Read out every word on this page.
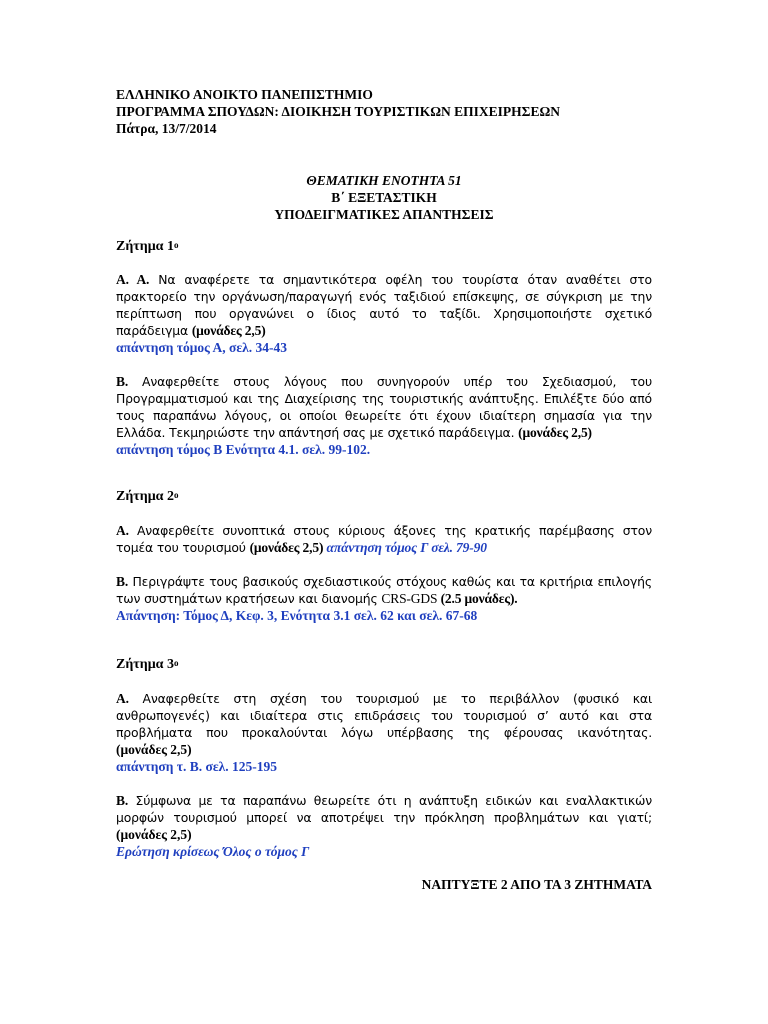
ΕΛΛΗΝΙΚΟ ΑΝΟΙΚΤΟ ΠΑΝΕΠΙΣΤΗΜΙΟ
ΠΡΟΓΡΑΜΜΑ ΣΠΟΥΔΩΝ: ΔΙΟΙΚΗΣΗ ΤΟΥΡΙΣΤΙΚΩΝ ΕΠΙΧΕΙΡΗΣΕΩΝ
Πάτρα, 13/7/2014
ΘΕΜΑΤΙΚΗ ΕΝΟΤΗΤΑ 51
Β΄ ΕΞΕΤΑΣΤΙΚΗ
ΥΠΟΔΕΙΓΜΑΤΙΚΕΣ ΑΠΑΝΤΗΣΕΙΣ
Ζήτημα $1^o$
Α. Α. Να αναφέρετε τα σημαντικότερα οφέλη του τουρίστα όταν αναθέτει στο
πρακτορείο την οργάνωση/παραγωγή ενός ταξιδιού επίσκεψης, σε σύγκριση με την
περίπτωση που οργανώνει ο ίδιος αυτό το ταξίδι. Χρησιμοποιήστε σχετικό
παράδειγμα (μονάδες 2,5)
απάντηση τόμος Α, σελ. 34-43
Β. Αναφερθείτε στους λόγους που συνηγορούν υπέρ του Σχεδιασμού, του
Προγραμματισμού και της Διαχείρισης της τουριστικής ανάπτυξης. Επιλέξτε δύο από
τους παραπάνω λόγους, οι οποίοι θεωρείτε ότι έχουν ιδιαίτερη σημασία για την
Ελλάδα. Τεκμηριώστε την απάντησή σας με σχετικό παράδειγμα. (μονάδες 2,5)
απάντηση τόμος Β Ενότητα 4.1. σελ. 99-102.
Ζήτημα $2^o$
Α. Αναφερθείτε συνοπτικά στους κύριους άξονες της κρατικής παρέμβασης στον
τομέα του τουρισμού (μονάδες 2,5) απάντηση τόμος Γ σελ. 79-90
Β. Περιγράψτε τους βασικούς σχεδιαστικούς στόχους καθώς και τα κριτήρια επιλογής
των συστημάτων κρατήσεων και διανομής CRS-GDS (2.5 μονάδες).
Απάντηση: Τόμος Δ, Κεφ. 3, Ενότητα 3.1 σελ. 62 και σελ. 67-68
Ζήτημα $3^o$
Α. Αναφερθείτε στη σχέση του τουρισμού με το περιβάλλον (φυσικό και
ανθρωπογενές) και ιδιαίτερα στις επιδράσεις του τουρισμού σ’ αυτό και στα
προβλήματα που προκαλούνται λόγω υπέρβασης της φέρουσας ικανότητας.
(μονάδες 2,5)
απάντηση τ. Β. σελ. 125-195
Β. Σύμφωνα με τα παραπάνω θεωρείτε ότι η ανάπτυξη ειδικών και εναλλακτικών
μορφών τουρισμού μπορεί να αποτρέψει την πρόκληση προβλημάτων και γιατί;
(μονάδες 2,5)
Ερώτηση κρίσεως Όλος ο τόμος Γ
ΝΑΠΤΥΞΤΕ 2 ΑΠΟ ΤΑ 3 ΖΗΤΗΜΑΤΑ
